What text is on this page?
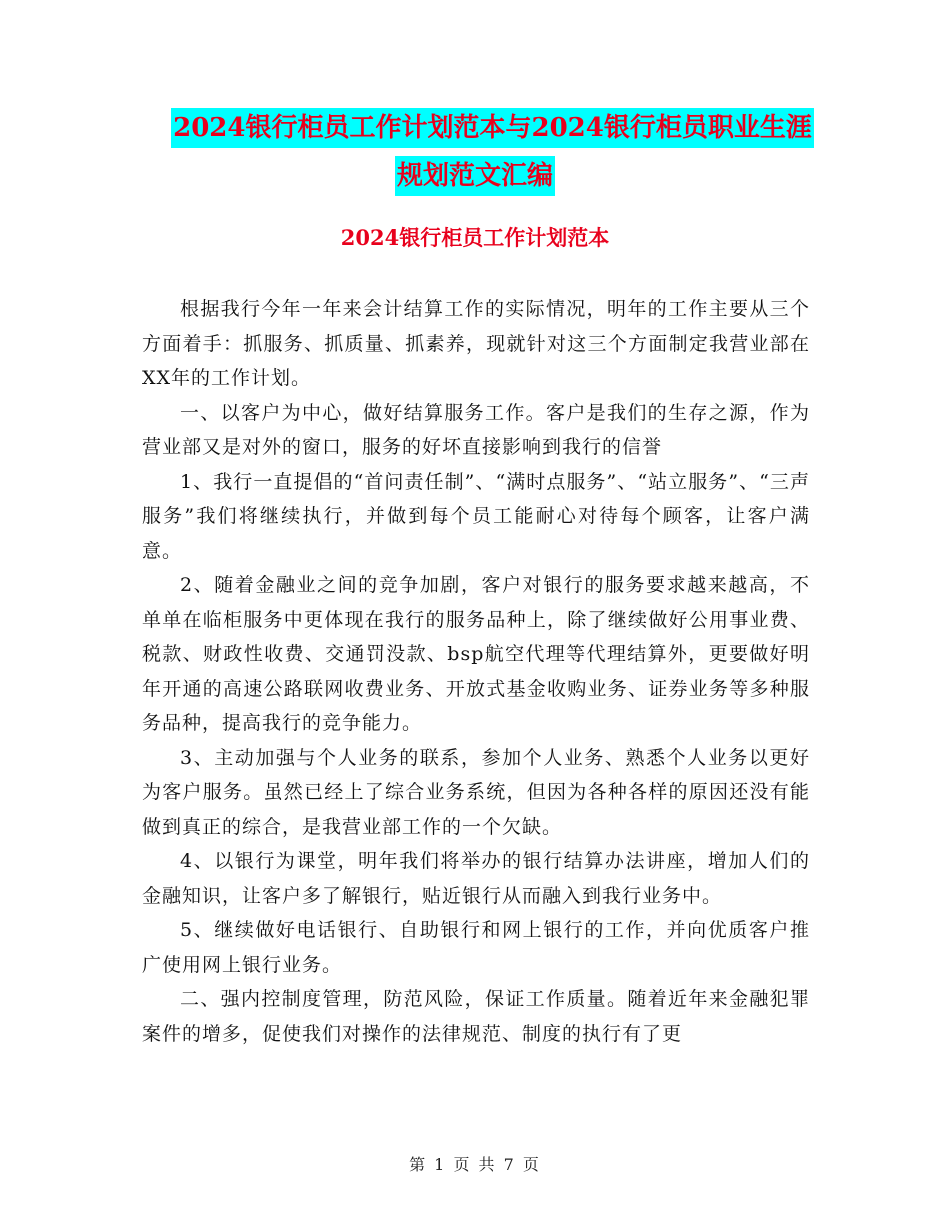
2024银行柜员工作计划范本与2024银行柜员职业生涯
规划范文汇编
2024银行柜员工作计划范本

根据我行今年一年来会计结算工作的实际情况，明年的工作主要从三个方面着手：抓服务、抓质量、抓素养，现就针对这三个方面制定我营业部在XX年的工作计划。

一、以客户为中心，做好结算服务工作。客户是我们的生存之源，作为营业部又是对外的窗口，服务的好坏直接影响到我行的信誉

1、我行一直提倡的“首问责任制”、“满时点服务”、“站立服务”、“三声服务”我们将继续执行，并做到每个员工能耐心对待每个顾客，让客户满意。

2、随着金融业之间的竞争加剧，客户对银行的服务要求越来越高，不单单在临柜服务中更体现在我行的服务品种上，除了继续做好公用事业费、税款、财政性收费、交通罚没款、bsp航空代理等代理结算外，更要做好明年开通的高速公路联网收费业务、开放式基金收购业务、证券业务等多种服务品种，提高我行的竞争能力。

3、主动加强与个人业务的联系，参加个人业务、熟悉个人业务以更好为客户服务。虽然已经上了综合业务系统，但因为各种各样的原因还没有能做到真正的综合，是我营业部工作的一个欠缺。

4、以银行为课堂，明年我们将举办的银行结算办法讲座，增加人们的金融知识，让客户多了解银行，贴近银行从而融入到我行业务中。

5、继续做好电话银行、自助银行和网上银行的工作，并向优质客户推广使用网上银行业务。

二、强内控制度管理，防范风险，保证工作质量。随着近年来金融犯罪案件的增多，促使我们对操作的法律规范、制度的执行有了更

第 1 页 共 7 页
